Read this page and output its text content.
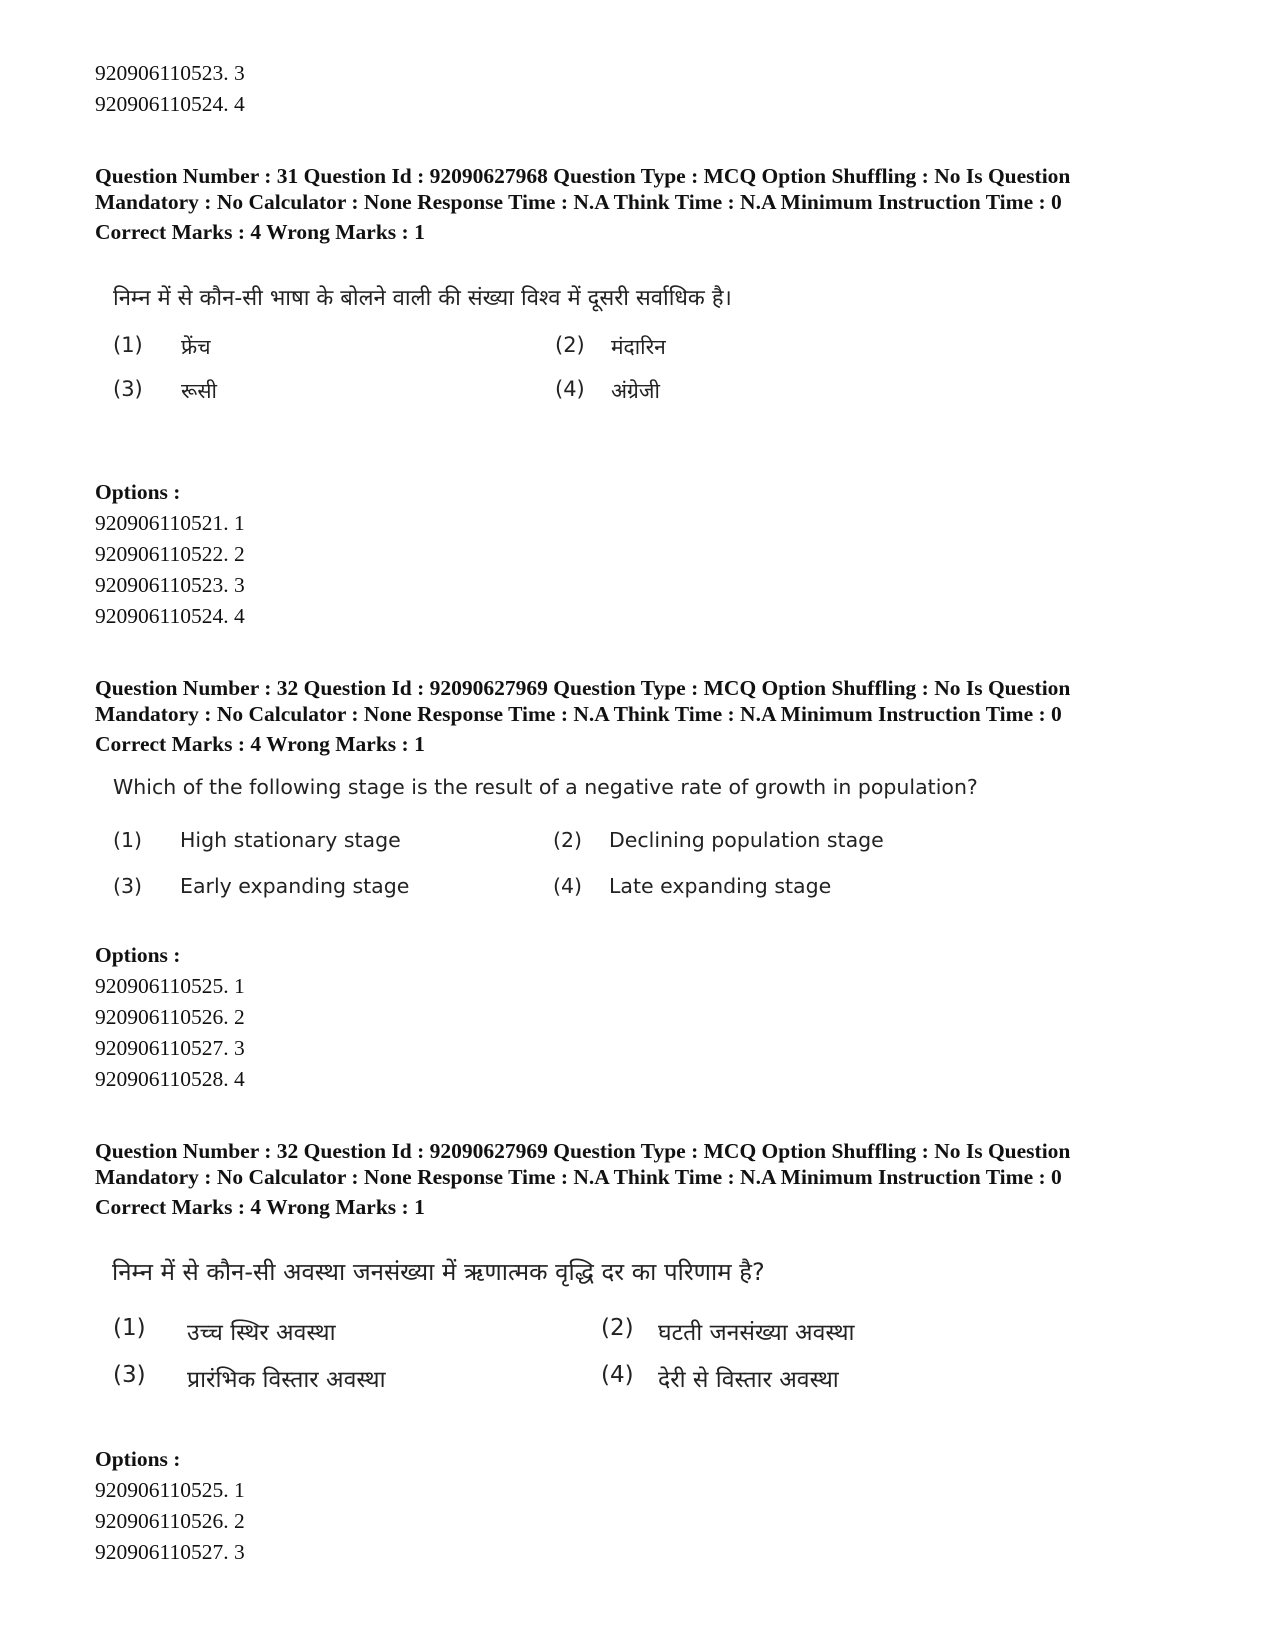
920906110523. 3
920906110524. 4
Question Number : 31 Question Id : 92090627968 Question Type : MCQ Option Shuffling : No Is Question
Mandatory : No Calculator : None Response Time : N.A Think Time : N.A Minimum Instruction Time : 0
Correct Marks : 4 Wrong Marks : 1
निम्न में से कौन-सी भाषा के बोलने वाली की संख्या विश्व में दूसरी सर्वाधिक है।
(1) फ्रेंच	(2) मंदारिन
(3) रूसी	(4) अंग्रेजी
Options :
920906110521. 1
920906110522. 2
920906110523. 3
920906110524. 4
Question Number : 32 Question Id : 92090627969 Question Type : MCQ Option Shuffling : No Is Question
Mandatory : No Calculator : None Response Time : N.A Think Time : N.A Minimum Instruction Time : 0
Correct Marks : 4 Wrong Marks : 1
Which of the following stage is the result of a negative rate of growth in population?
(1) High stationary stage	(2) Declining population stage
(3) Early expanding stage	(4) Late expanding stage
Options :
920906110525. 1
920906110526. 2
920906110527. 3
920906110528. 4
Question Number : 32 Question Id : 92090627969 Question Type : MCQ Option Shuffling : No Is Question
Mandatory : No Calculator : None Response Time : N.A Think Time : N.A Minimum Instruction Time : 0
Correct Marks : 4 Wrong Marks : 1
निम्न में से कौन-सी अवस्था जनसंख्या में ऋणात्मक वृद्धि दर का परिणाम है?
(1) उच्च स्थिर अवस्था	(2) घटती जनसंख्या अवस्था
(3) प्रारंभिक विस्तार अवस्था	(4) देरी से विस्तार अवस्था
Options :
920906110525. 1
920906110526. 2
920906110527. 3
